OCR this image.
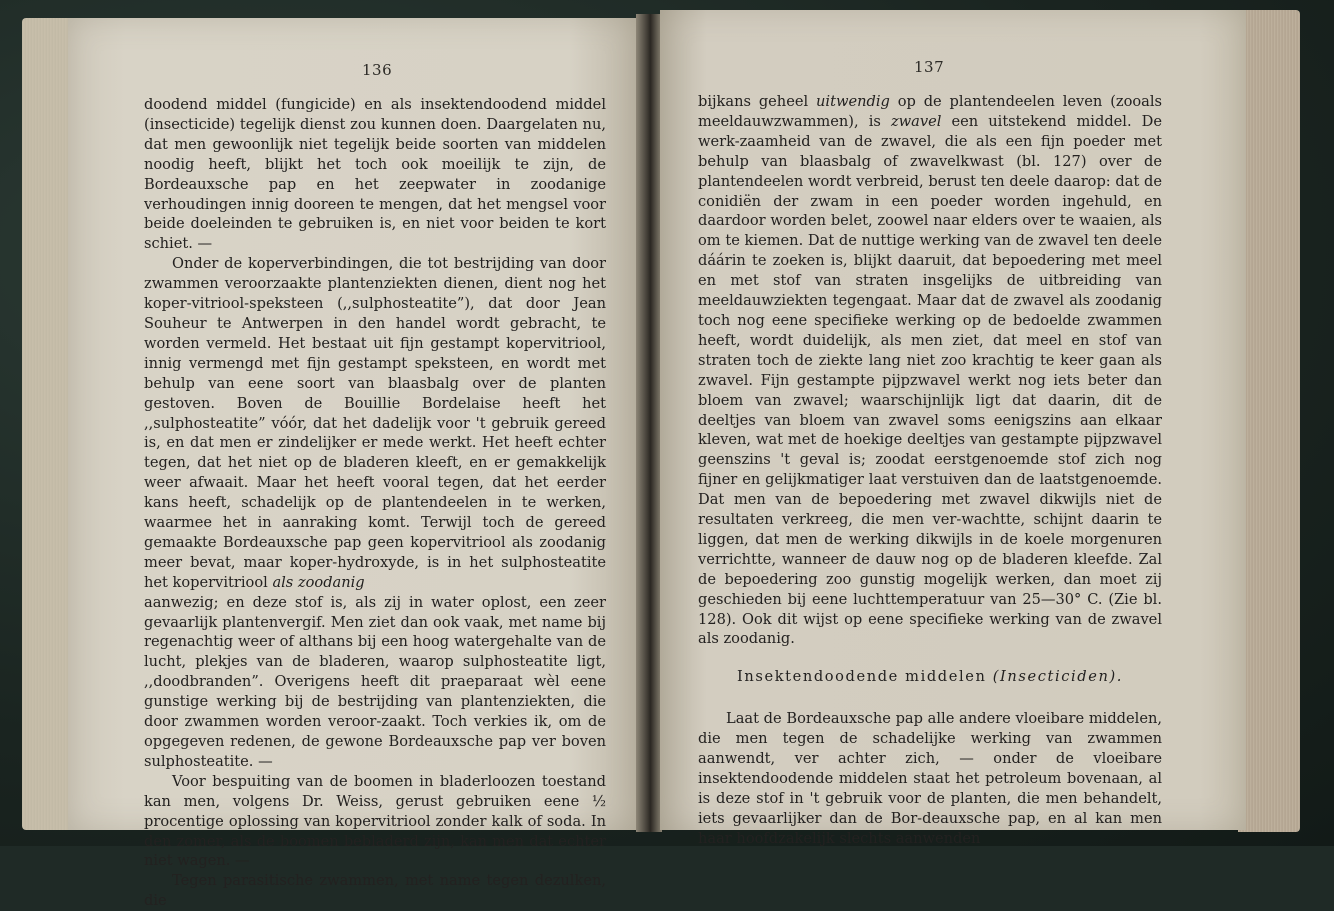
136

doodend middel (fungicide) en als insektendoodend middel (insecticide) tegelijk dienst zou kunnen doen. Daargelaten nu, dat men gewoonlijk niet tegelijk beide soorten van middelen noodig heeft, blijkt het toch ook moeilijk te zijn, de Bordeauxsche pap en het zeepwater in zoodanige verhoudingen innig dooreen te mengen, dat het mengsel voor beide doeleinden te gebruiken is, en niet voor beiden te kort schiet. —

Onder de koperverbindingen, die tot bestrijding van door zwammen veroorzaakte plantenziekten dienen, dient nog het koper-vitriool-speksteen (,,sulphosteatite”), dat door Jean Souheur te Antwerpen in den handel wordt gebracht, te worden vermeld. Het bestaat uit fijn gestampt kopervitriool, innig vermengd met fijn gestampt speksteen, en wordt met behulp van eene soort van blaasbalg over de planten gestoven. Boven de Bouillie Bordelaise heeft het ,,sulphosteatite” vóór, dat het dadelijk voor 't gebruik gereed is, en dat men er zindelijker er mede werkt. Het heeft echter tegen, dat het niet op de bladeren kleeft, en er gemakkelijk weer afwaait. Maar het heeft vooral tegen, dat het eerder kans heeft, schadelijk op de plantendeelen in te werken, waarmee het in aanraking komt. Terwijl toch de gereed gemaakte Bordeauxsche pap geen kopervitriool als zoodanig meer bevat, maar koper-hydroxyde, is in het sulphosteatite het kopervitriool als zoodanig

aanwezig; en deze stof is, als zij in water oplost, een zeer gevaarlijk plantenvergif. Men ziet dan ook vaak, met name bij regenachtig weer of althans bij een hoog watergehalte van de lucht, plekjes van de bladeren, waarop sulphosteatite ligt, ,,doodbranden”. Overigens heeft dit praeparaat wèl eene gunstige werking bij de bestrijding van plantenziekten, die door zwammen worden veroor-zaakt. Toch verkies ik, om de opgegeven redenen, de gewone Bordeauxsche pap ver boven sulphosteatite. —

Voor bespuiting van de boomen in bladerloozen toestand kan men, volgens Dr. Weiss, gerust gebruiken eene ½ procentige oplossing van kopervitriool zonder kalk of soda. In den zomer, als de boomen bebladerd zijn, kan men dat echter niet wagen. —

Tegen parasitische zwammen, met name tegen dezulken, die

137

bijkans geheel uitwendig op de plantendeelen leven (zooals meeldauwzwammen), is zwavel een uitstekend middel. De werk-zaamheid van de zwavel, die als een fijn poeder met behulp van blaasbalg of zwavelkwast (bl. 127) over de plantendeelen wordt verbreid, berust ten deele daarop: dat de conidiën der zwam in een poeder worden ingehuld, en daardoor worden belet, zoowel naar elders over te waaien, als om te kiemen. Dat de nuttige werking van de zwavel ten deele dáárin te zoeken is, blijkt daaruit, dat bepoedering met meel en met stof van straten insgelijks de uitbreiding van meeldauwziekten tegengaat. Maar dat de zwavel als zoodanig toch nog eene specifieke werking op de bedoelde zwammen heeft, wordt duidelijk, als men ziet, dat meel en stof van straten toch de ziekte lang niet zoo krachtig te keer gaan als zwavel. Fijn gestampte pijpzwavel werkt nog iets beter dan bloem van zwavel; waarschijnlijk ligt dat daarin, dit de deeltjes van bloem van zwavel soms eenigszins aan elkaar kleven, wat met de hoekige deeltjes van gestampte pijpzwavel geenszins 't geval is; zoodat eerstgenoemde stof zich nog fijner en gelijkmatiger laat verstuiven dan de laatstgenoemde. Dat men van de bepoedering met zwavel dikwijls niet de resultaten verkreeg, die men ver-wachtte, schijnt daarin te liggen, dat men de werking dikwijls in de koele morgenuren verrichtte, wanneer de dauw nog op de bladeren kleefde. Zal de bepoedering zoo gunstig mogelijk werken, dan moet zij geschieden bij eene luchttemperatuur van 25—30° C. (Zie bl. 128). Ook dit wijst op eene specifieke werking van de zwavel als zoodanig.

Insektendoodende middelen (Insecticiden).

Laat de Bordeauxsche pap alle andere vloeibare middelen, die men tegen de schadelijke werking van zwammen aanwendt, ver achter zich, — onder de vloeibare insektendoodende middelen staat het petroleum bovenaan, al is deze stof in 't gebruik voor de planten, die men behandelt, iets gevaarlijker dan de Bor-deauxsche pap, en al kan men haar hoofdzakelijk slechts aanwenden
